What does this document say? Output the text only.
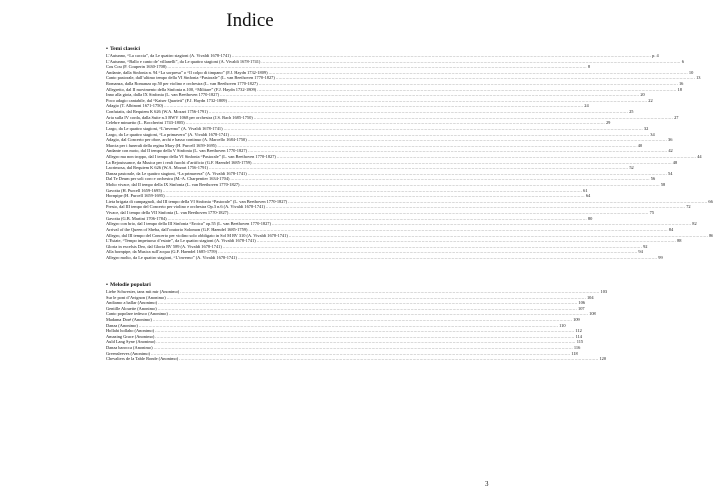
Indice
• Temi classici
L’Autunno, “La caccia”, da Le quattro stagioni (A. Vivaldi 1678-1741) ............................................................................................................................................................................................................................................................................................................ p. 4
L’Autunno, “Ballo e canto de’ villanelli”, da Le quattro stagioni (A. Vivaldi 1678-1741) ............................................................................................................................................................................................................................................................................................................ 6
Cou Cou (F. Couperin 1630-1708) ............................................................................................................................................................................................................................................................................................................ 8
Andante, dalla Sinfonia n. 94 “La sorpresa” o “Il colpo di timpano” (F.J. Haydn 1732-1809) ............................................................................................................................................................................................................................................................................................................ 10
Canto pastorale, dall’ultimo tempo della VI Sinfonia “Pastorale” (L. van Beethoven 1770-1827) ............................................................................................................................................................................................................................................................................................................ 13
Romanza, dalla Romanza op.50 per violino e orchestra (L. van Beethoven 1770-1827) ............................................................................................................................................................................................................................................................................................................ 16
Allegretto, dal II movimento della Sinfonia n.100, “Militare” (F.J. Haydn 1732-1809) ............................................................................................................................................................................................................................................................................................................ 18
Inno alla gioia, dalla IX Sinfonia (L. van Beethoven 1770-1827) ............................................................................................................................................................................................................................................................................................................ 20
Poco adagio cantabile, dal “Kaiser Quartett” (F.J. Haydn 1732-1809) ............................................................................................................................................................................................................................................................................................................ 22
Adagio (T. Albinoni 1671-1750) ............................................................................................................................................................................................................................................................................................................ 24
Confutatis, dal Requiem K 626 (W.A. Mozart 1756-1791) ............................................................................................................................................................................................................................................................................................................ 25
Aria sulla IV corda, dalla Suite n.3 BWV 1068 per orchestra (J.S. Bach 1685-1750) ............................................................................................................................................................................................................................................................................................................ 27
Celebre minuetto (L. Boccherini 1743-1805) ............................................................................................................................................................................................................................................................................................................ 29
Largo, da Le quattro stagioni, “L’inverno” (A. Vivaldi 1678-1741) ............................................................................................................................................................................................................................................................................................................ 32
Largo, da Le quattro stagioni, “La primavera” (A. Vivaldi 1678-1741) ............................................................................................................................................................................................................................................................................................................ 34
Adagio, dal Concerto per oboe, archi e basso continuo (A. Marcello 1684-1750) ............................................................................................................................................................................................................................................................................................................ 36
Marcia per i funerali della regina Mary (H. Purcell 1659-1695) ............................................................................................................................................................................................................................................................................................................ 40
Andante con moto, dal II tempo della V Sinfonia (L. van Beethoven 1770-1827) ............................................................................................................................................................................................................................................................................................................ 42
Allegro ma non troppo, dal I tempo della VI Sinfonia “Pastorale” (L. van Beethoven 1770-1827) ............................................................................................................................................................................................................................................................................................................ 44
La Rejouissance, da Musica per i reali fuochi d’artificio (G.F. Haendel 1685-1759) ............................................................................................................................................................................................................................................................................................................ 48
Lacrimosa, dal Requiem K 626 (W.A. Mozart 1756-1791) ............................................................................................................................................................................................................................................................................................................ 52
Danza pastorale, da Le quattro stagioni, “La primavera” (A. Vivaldi 1678-1741) ............................................................................................................................................................................................................................................................................................................ 54
Dal Te Deum per soli coro e orchestra (M.-A. Charpentier 1634-1704) ............................................................................................................................................................................................................................................................................................................ 56
Molto vivace, dal II tempo della IX Sinfonia (L. van Beethoven 1770-1827) ............................................................................................................................................................................................................................................................................................................ 58
Gavotta (H. Purcell 1659-1695) ............................................................................................................................................................................................................................................................................................................ 61
Hornpipe (H. Purcell 1659-1695) ............................................................................................................................................................................................................................................................................................................ 64
Lieta brigata di campagnoli, dal III tempo della VI Sinfonia “Pastorale” (L. van Beethoven 1770-1827) ............................................................................................................................................................................................................................................................................................................ 66
Presto, dal III tempo del Concerto per violino e orchestra Op.3 n.6 (A. Vivaldi 1678-1741) ............................................................................................................................................................................................................................................................................................................ 72
Vivace, dal I tempo della VII Sinfonia (L. van Beethoven 1770-1827) ............................................................................................................................................................................................................................................................................................................ 75
Gavotta (G.B. Martini 1706-1784) ............................................................................................................................................................................................................................................................................................................ 80
Allegro con brio, dal I tempo della III Sinfonia “Eroica” op.55 (L. van Beethoven 1770-1827) ............................................................................................................................................................................................................................................................................................................ 82
Arrival of the Queen of Sheba, dall’oratorio Solomon (G.F. Haendel 1685-1759) ............................................................................................................................................................................................................................................................................................................ 84
Allegro, dal III tempo del Concerto per violino solo obbligato in Sol M RV 310 (A. Vivaldi 1678-1741) ............................................................................................................................................................................................................................................................................................................ 86
L’Estate, “Tempo impetuoso d’estate”, da Le quattro stagioni (A. Vivaldi 1678-1741) ............................................................................................................................................................................................................................................................................................................ 88
Gloria in excelsis Deo, dal Gloria RV 589 (A. Vivaldi 1678-1741) ............................................................................................................................................................................................................................................................................................................ 92
Alla hornpipe, da Musica sull’acqua (G.F. Haendel 1685-1759) ............................................................................................................................................................................................................................................................................................................ 94
Allegro molto, da Le quattro stagioni, “L’inverno” (A. Vivaldi 1678-1741) ............................................................................................................................................................................................................................................................................................................ 99
• Melodie popolari
Liebe Schwester, tanz mit mir (Anonimo) ............................................................................................................................................................................................................................................................................................................ 103
Sur le pont d’Avignon (Anonimo) ............................................................................................................................................................................................................................................................................................................ 104
Andiamo a ballar (Anonimo) ............................................................................................................................................................................................................................................................................................................ 106
Gentille Alouette (Anonimo) ............................................................................................................................................................................................................................................................................................................ 107
Canto popolare tedesco (Anonimo) ............................................................................................................................................................................................................................................................................................................ 108
Madama Doré (Anonimo) ............................................................................................................................................................................................................................................................................................................ 109
Danza (Anonimo) ............................................................................................................................................................................................................................................................................................................ 110
Hollahi hollaho (Anonimo) ............................................................................................................................................................................................................................................................................................................ 112
Amazing Grace (Anonimo) ............................................................................................................................................................................................................................................................................................................ 114
Auld Lang Syne (Anonimo) ............................................................................................................................................................................................................................................................................................................ 115
Danza barocca (Anonimo) ............................................................................................................................................................................................................................................................................................................ 116
Greensleeves (Anonimo) ............................................................................................................................................................................................................................................................................................................ 118
Chevaliers de la Table Ronde (Anonimo) ............................................................................................................................................................................................................................................................................................................ 120
3
